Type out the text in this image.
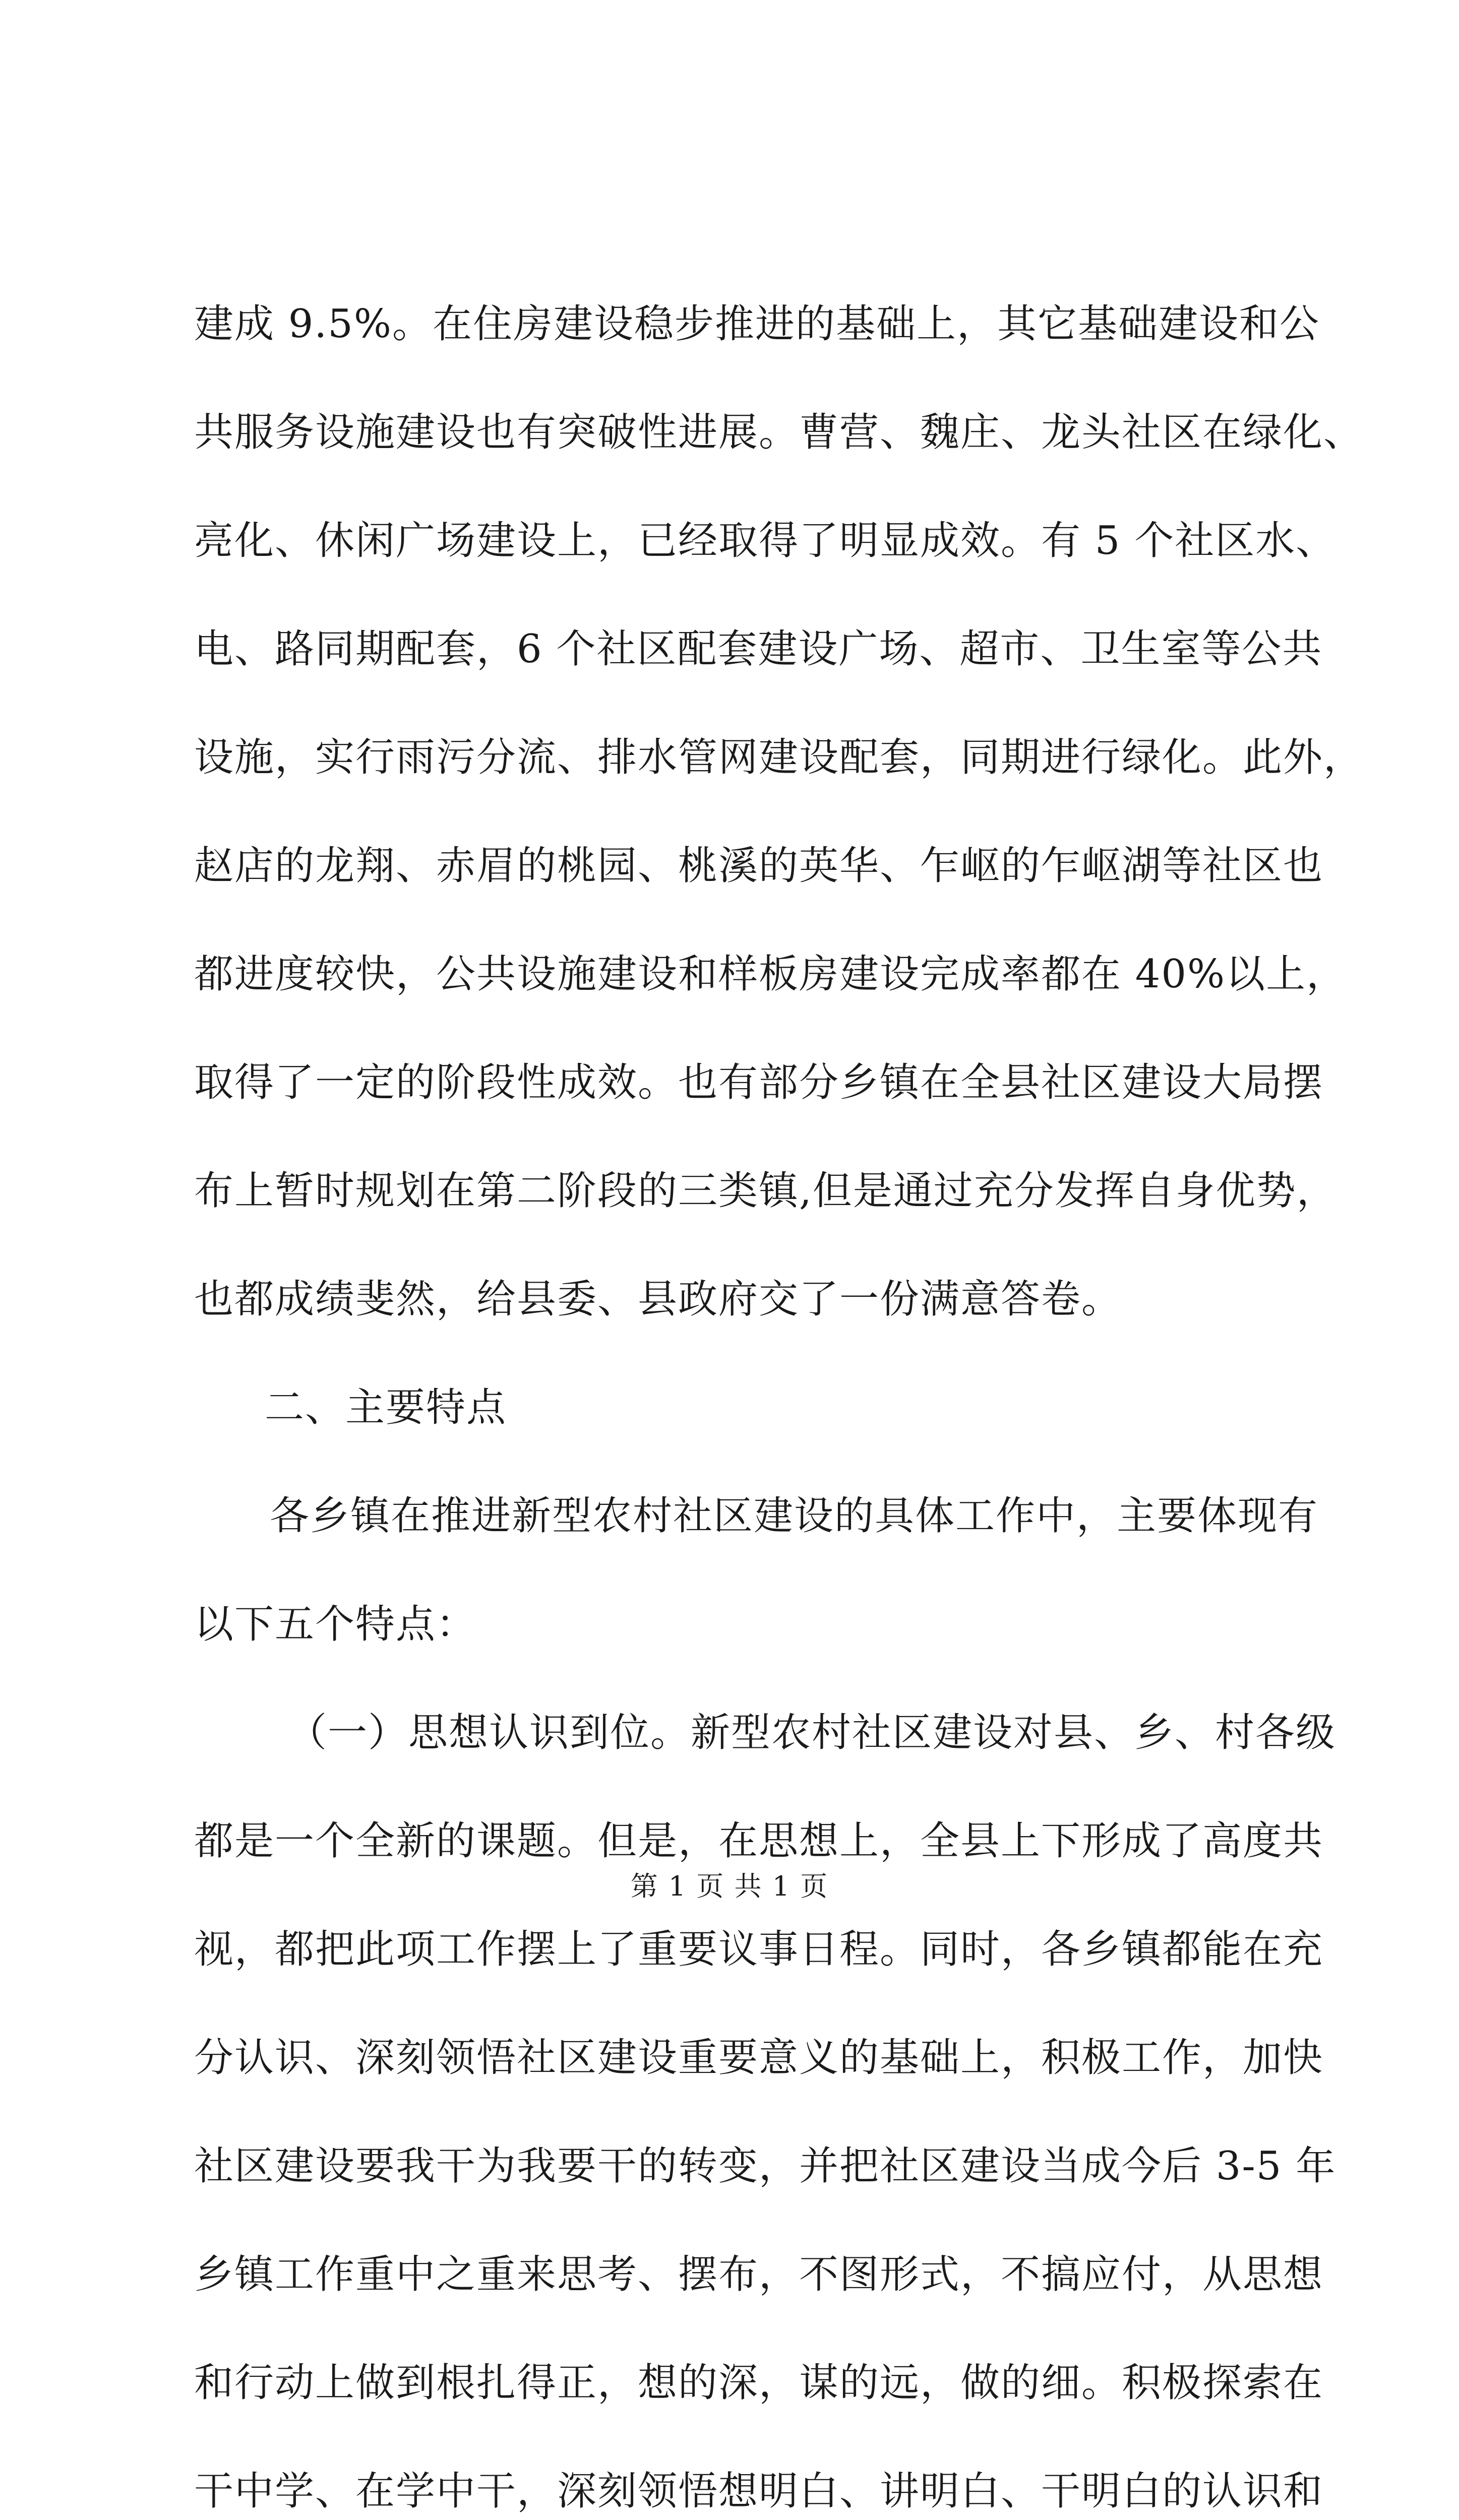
建成 9.5%。在住房建设稳步推进的基础上，其它基础建设和公
共服务设施建设也有突破性进展。曹营、魏庄、龙头社区在绿化、
亮化、休闲广场建设上，已经取得了明显成效。有 5 个社区水、
电、路同期配套，6 个社区配套建设广场、超市、卫生室等公共
设施，实行雨污分流、排水管网建设配套，同期进行绿化。此外，
赵店的龙翔、赤眉的桃园、桃溪的英华、乍岖的乍岖湖等社区也
都进度较快，公共设施建设和样板房建设完成率都在 40%以上，
取得了一定的阶段性成效。也有部分乡镇在全县社区建设大局摆
布上暂时规划在第二阶段的三类镇,但是通过充分发挥自身优势，
也都成绩斐然，给县委、县政府交了一份满意答卷。
二、主要特点
各乡镇在推进新型农村社区建设的具体工作中，主要体现有
以下五个特点：
（一）思想认识到位。新型农村社区建设对县、乡、村各级
都是一个全新的课题。但是，在思想上，全县上下形成了高度共
视，都把此项工作摆上了重要议事日程。同时，各乡镇都能在充
分认识、深刻领悟社区建设重要意义的基础上，积极工作，加快
社区建设要我干为我要干的转变，并把社区建设当成今后 3-5 年
乡镇工作重中之重来思考、摆布，不图形式，不搞应付，从思想
和行动上做到根扎得正，想的深，谋的远，做的细。积极探索在
干中学、在学中干，深刻领悟想明白、讲明白、干明白的认识和
第 1 页 共 1 页
